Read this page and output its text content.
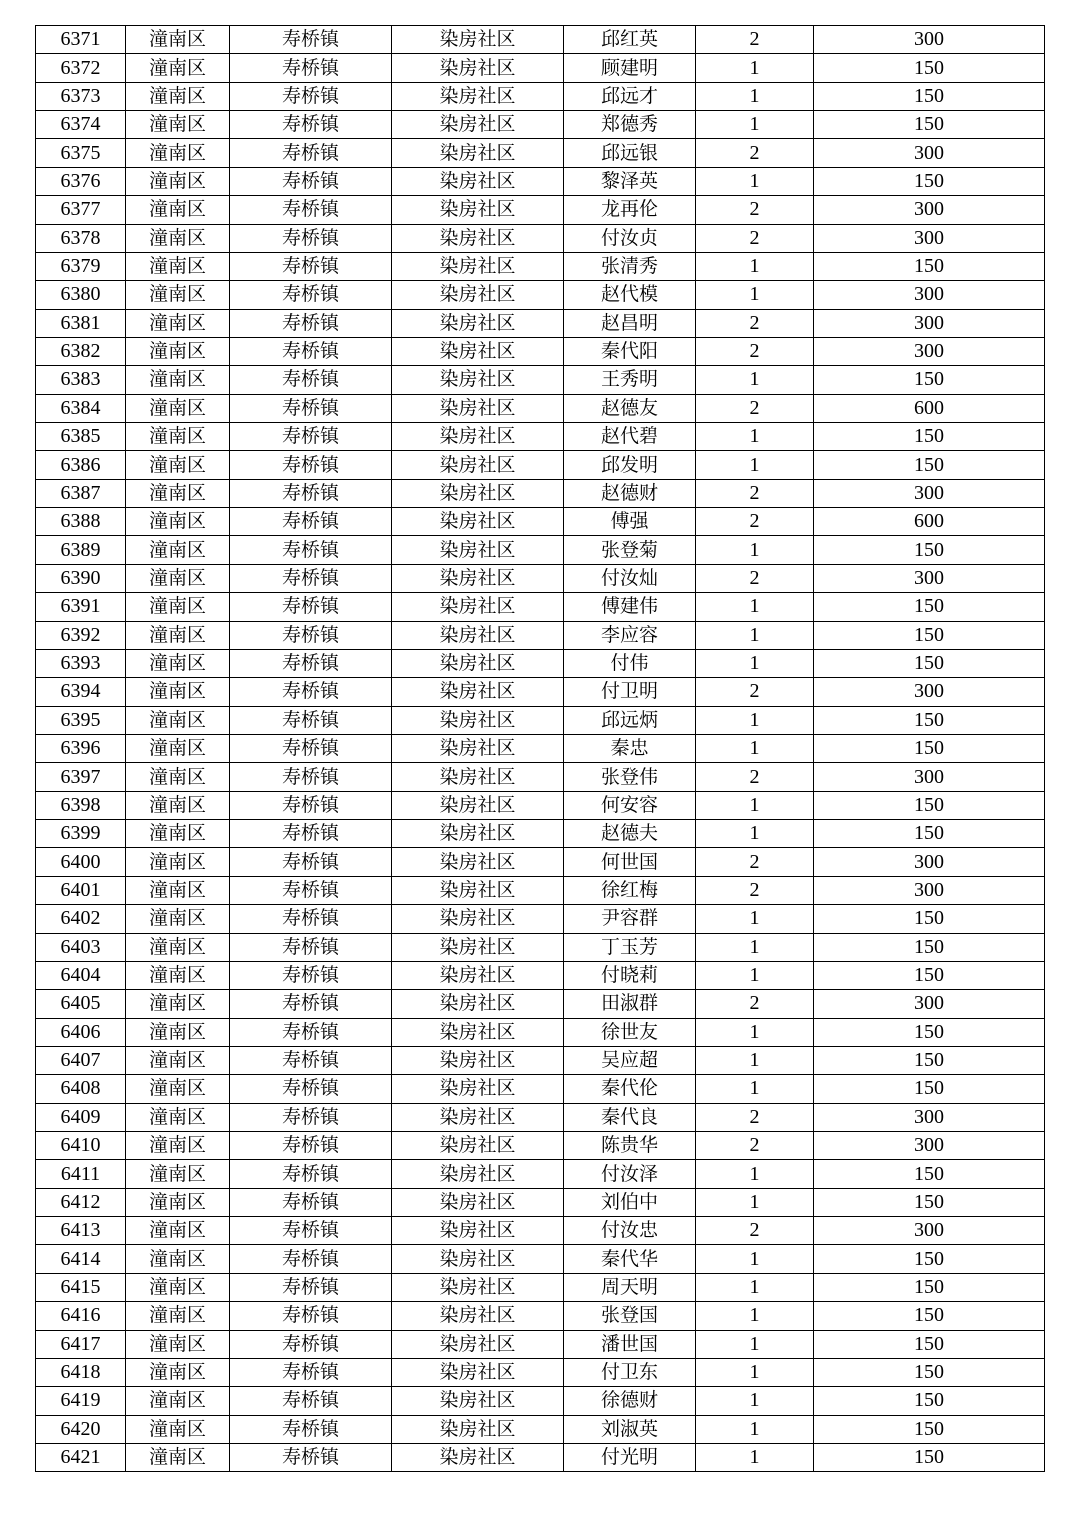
6371	潼南区	寿桥镇	染房社区	邱红英	2	300
6372	潼南区	寿桥镇	染房社区	顾建明	1	150
6373	潼南区	寿桥镇	染房社区	邱远才	1	150
6374	潼南区	寿桥镇	染房社区	郑德秀	1	150
6375	潼南区	寿桥镇	染房社区	邱远银	2	300
6376	潼南区	寿桥镇	染房社区	黎泽英	1	150
6377	潼南区	寿桥镇	染房社区	龙再伦	2	300
6378	潼南区	寿桥镇	染房社区	付汝贞	2	300
6379	潼南区	寿桥镇	染房社区	张清秀	1	150
6380	潼南区	寿桥镇	染房社区	赵代模	1	300
6381	潼南区	寿桥镇	染房社区	赵昌明	2	300
6382	潼南区	寿桥镇	染房社区	秦代阳	2	300
6383	潼南区	寿桥镇	染房社区	王秀明	1	150
6384	潼南区	寿桥镇	染房社区	赵德友	2	600
6385	潼南区	寿桥镇	染房社区	赵代碧	1	150
6386	潼南区	寿桥镇	染房社区	邱发明	1	150
6387	潼南区	寿桥镇	染房社区	赵德财	2	300
6388	潼南区	寿桥镇	染房社区	傅强	2	600
6389	潼南区	寿桥镇	染房社区	张登菊	1	150
6390	潼南区	寿桥镇	染房社区	付汝灿	2	300
6391	潼南区	寿桥镇	染房社区	傅建伟	1	150
6392	潼南区	寿桥镇	染房社区	李应容	1	150
6393	潼南区	寿桥镇	染房社区	付伟	1	150
6394	潼南区	寿桥镇	染房社区	付卫明	2	300
6395	潼南区	寿桥镇	染房社区	邱远炳	1	150
6396	潼南区	寿桥镇	染房社区	秦忠	1	150
6397	潼南区	寿桥镇	染房社区	张登伟	2	300
6398	潼南区	寿桥镇	染房社区	何安容	1	150
6399	潼南区	寿桥镇	染房社区	赵德夫	1	150
6400	潼南区	寿桥镇	染房社区	何世国	2	300
6401	潼南区	寿桥镇	染房社区	徐红梅	2	300
6402	潼南区	寿桥镇	染房社区	尹容群	1	150
6403	潼南区	寿桥镇	染房社区	丁玉芳	1	150
6404	潼南区	寿桥镇	染房社区	付晓莉	1	150
6405	潼南区	寿桥镇	染房社区	田淑群	2	300
6406	潼南区	寿桥镇	染房社区	徐世友	1	150
6407	潼南区	寿桥镇	染房社区	吴应超	1	150
6408	潼南区	寿桥镇	染房社区	秦代伦	1	150
6409	潼南区	寿桥镇	染房社区	秦代良	2	300
6410	潼南区	寿桥镇	染房社区	陈贵华	2	300
6411	潼南区	寿桥镇	染房社区	付汝泽	1	150
6412	潼南区	寿桥镇	染房社区	刘伯中	1	150
6413	潼南区	寿桥镇	染房社区	付汝忠	2	300
6414	潼南区	寿桥镇	染房社区	秦代华	1	150
6415	潼南区	寿桥镇	染房社区	周天明	1	150
6416	潼南区	寿桥镇	染房社区	张登国	1	150
6417	潼南区	寿桥镇	染房社区	潘世国	1	150
6418	潼南区	寿桥镇	染房社区	付卫东	1	150
6419	潼南区	寿桥镇	染房社区	徐德财	1	150
6420	潼南区	寿桥镇	染房社区	刘淑英	1	150
6421	潼南区	寿桥镇	染房社区	付光明	1	150
